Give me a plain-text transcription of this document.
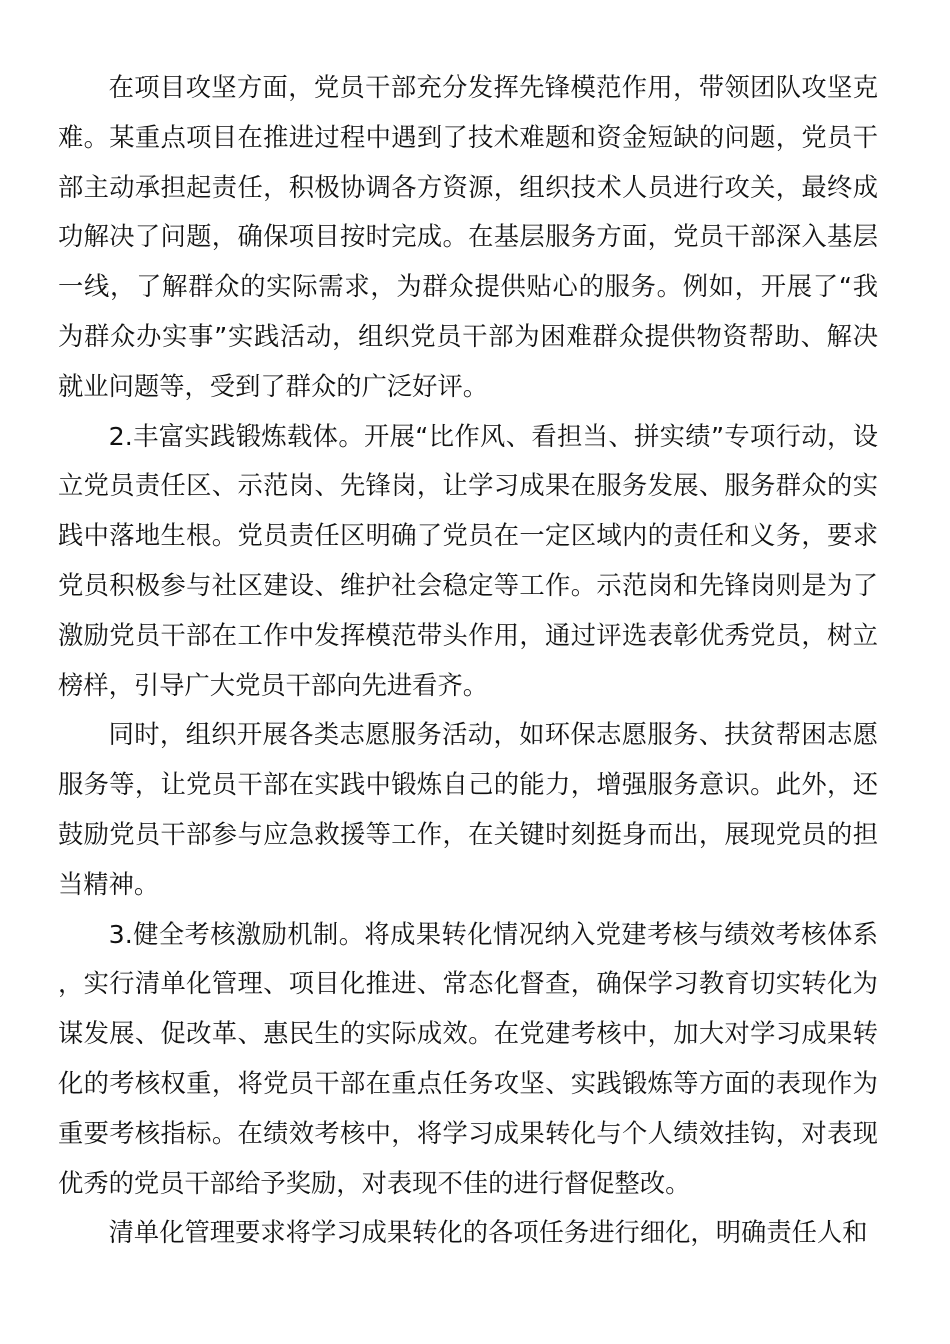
在项目攻坚方面，党员干部充分发挥先锋模范作用，带领团队攻坚克难。某重点项目在推进过程中遇到了技术难题和资金短缺的问题，党员干部主动承担起责任，积极协调各方资源，组织技术人员进行攻关，最终成功解决了问题，确保项目按时完成。在基层服务方面，党员干部深入基层一线，了解群众的实际需求，为群众提供贴心的服务。例如，开展了“我为群众办实事”实践活动，组织党员干部为困难群众提供物资帮助、解决就业问题等，受到了群众的广泛好评。

2.丰富实践锻炼载体。开展“比作风、看担当、拼实绩”专项行动，设立党员责任区、示范岗、先锋岗，让学习成果在服务发展、服务群众的实践中落地生根。党员责任区明确了党员在一定区域内的责任和义务，要求党员积极参与社区建设、维护社会稳定等工作。示范岗和先锋岗则是为了激励党员干部在工作中发挥模范带头作用，通过评选表彰优秀党员，树立榜样，引导广大党员干部向先进看齐。

同时，组织开展各类志愿服务活动，如环保志愿服务、扶贫帮困志愿服务等，让党员干部在实践中锻炼自己的能力，增强服务意识。此外，还鼓励党员干部参与应急救援等工作，在关键时刻挺身而出，展现党员的担当精神。

3.健全考核激励机制。将成果转化情况纳入党建考核与绩效考核体系，实行清单化管理、项目化推进、常态化督查，确保学习教育切实转化为谋发展、促改革、惠民生的实际成效。在党建考核中，加大对学习成果转化的考核权重，将党员干部在重点任务攻坚、实践锻炼等方面的表现作为重要考核指标。在绩效考核中，将学习成果转化与个人绩效挂钩，对表现优秀的党员干部给予奖励，对表现不佳的进行督促整改。

清单化管理要求将学习成果转化的各项任务进行细化，明确责任人和
